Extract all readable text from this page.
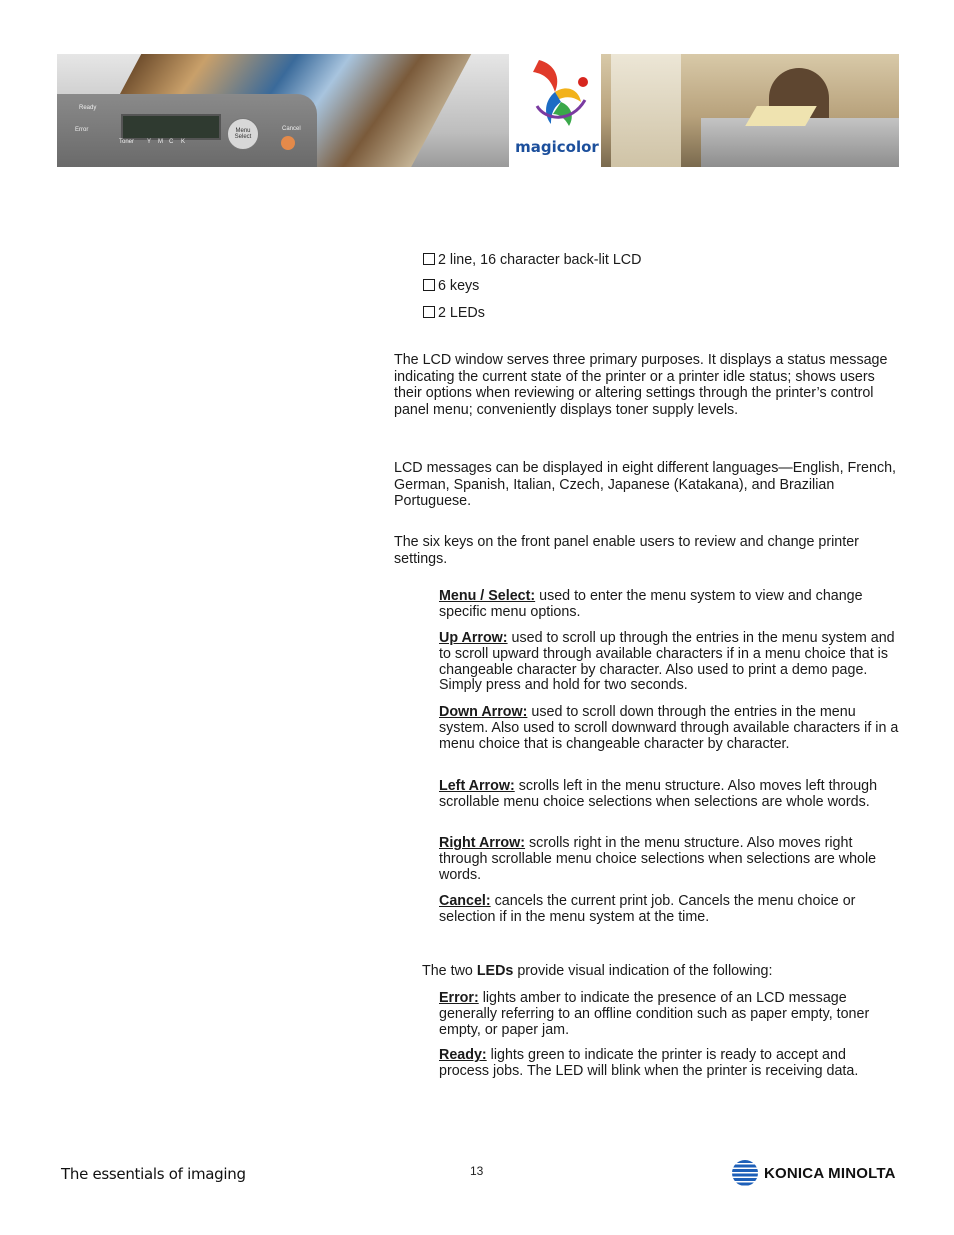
Ready
Error
Toner Y M C K
Menu Select
Cancel
magicolor
2 line, 16 character back-lit LCD
6 keys
2 LEDs

The LCD window serves three primary purposes. It displays a status message indicating the current state of the printer or a printer idle status; shows users their options when reviewing or altering settings through the printer’s control panel menu; conveniently displays toner supply levels.

LCD messages can be displayed in eight different languages—English, French, German, Spanish, Italian, Czech, Japanese (Katakana), and Brazilian Portuguese.

The six keys on the front panel enable users to review and change printer settings.

Menu / Select: used to enter the menu system to view and change specific menu options.

Up Arrow: used to scroll up through the entries in the menu system and to scroll upward through available characters if in a menu choice that is changeable character by character. Also used to print a demo page. Simply press and hold for two seconds.

Down Arrow: used to scroll down through the entries in the menu system. Also used to scroll downward through available characters if in a menu choice that is changeable character by character.

Left Arrow: scrolls left in the menu structure. Also moves left through scrollable menu choice selections when selections are whole words.

Right Arrow: scrolls right in the menu structure. Also moves right through scrollable menu choice selections when selections are whole words.

Cancel: cancels the current print job. Cancels the menu choice or selection if in the menu system at the time.

The two LEDs provide visual indication of the following:

Error: lights amber to indicate the presence of an LCD message generally referring to an offline condition such as paper empty, toner empty, or paper jam.

Ready: lights green to indicate the printer is ready to accept and process jobs. The LED will blink when the printer is receiving data.

The essentials of imaging	13	KONICA MINOLTA
